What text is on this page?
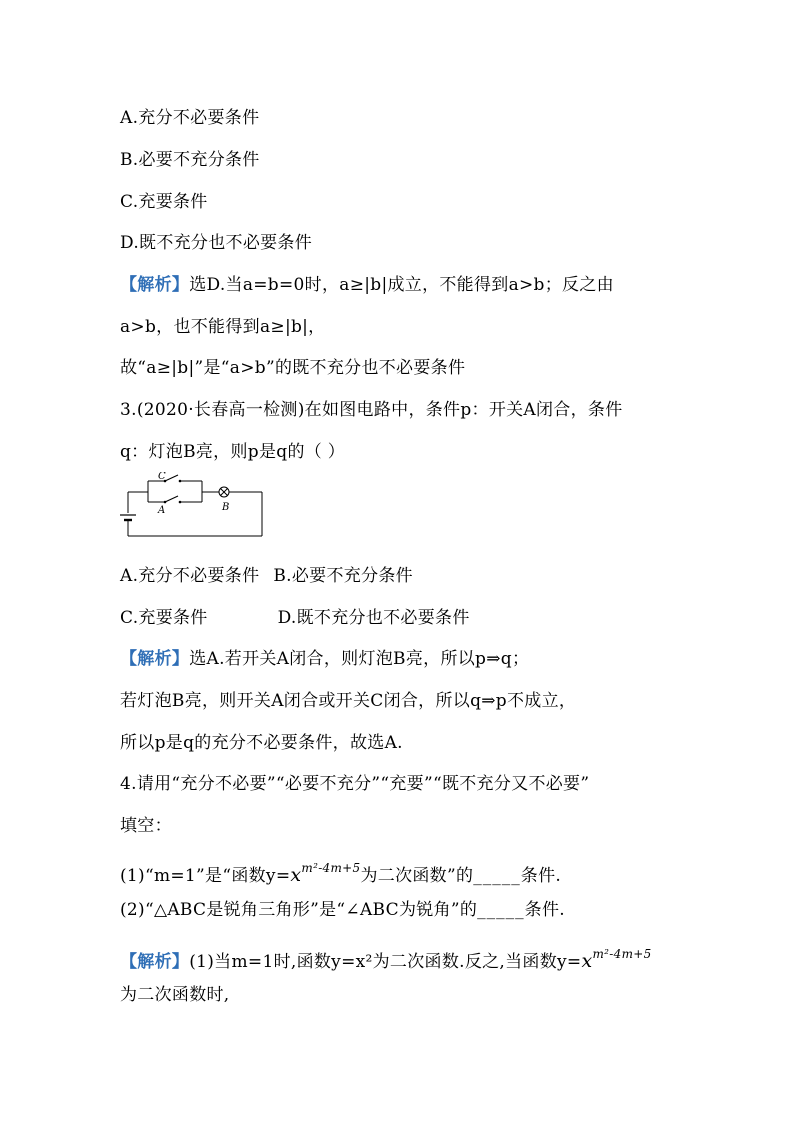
A.充分不必要条件
B.必要不充分条件
C.充要条件
D.既不充分也不必要条件
【解析】选D.当a=b=0时，a≥|b|成立，不能得到a>b；反之由
a>b，也不能得到a≥|b|，
故“a≥|b|”是“a>b”的既不充分也不必要条件
3.(2020·长春高一检测)在如图电路中，条件p：开关A闭合，条件
q：灯泡B亮，则p是q的（ ）
C
A	B
A.充分不必要条件 B.必要不充分条件
C.充要条件	D.既不充分也不必要条件
【解析】选A.若开关A闭合，则灯泡B亮，所以p⇒q；
若灯泡B亮，则开关A闭合或开关C闭合，所以q⇒p不成立，
所以p是q的充分不必要条件，故选A.
4.请用“充分不必要”“必要不充分”“充要”“既不充分又不必要”
填空：
(1)“m=1”是“函数$y=x^{m^2-4m+5}$为二次函数”的_____条件.
(2)“△ABC是锐角三角形”是“∠ABC为锐角”的_____条件.
【解析】(1)当m=1时,函数y=x²为二次函数.反之,当函数$y=x^{m^2-4m+5}$
为二次函数时,
